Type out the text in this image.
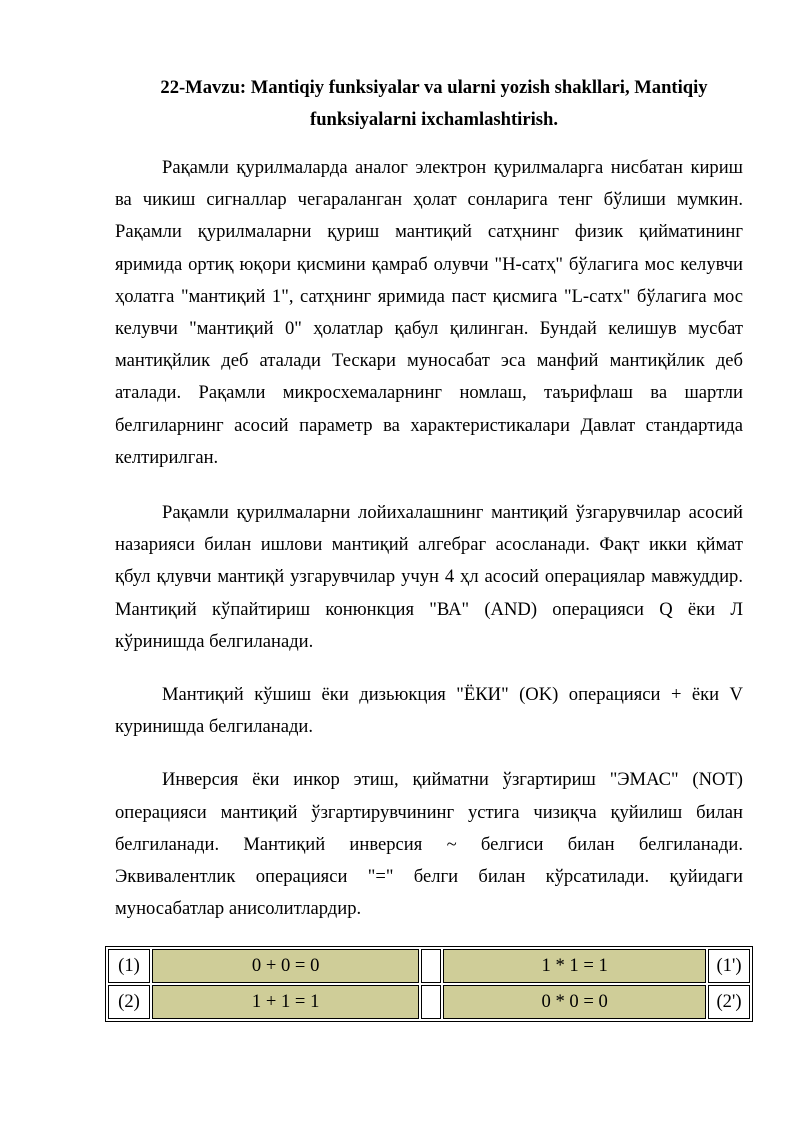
22-Mavzu: Mantiqiy funksiyalar va ularni yozish shakllari, Mantiqiy funksiyalarni ixchamlashtirish.

Рақамли қурилмаларда аналог электрон қурилмаларга нисбатан кириш ва чикиш сигналлар чегараланган ҳолат сонларига тенг бўлиши мумкин. Рақамли қурилмаларни қуриш мантиқий сатҳнинг физик қийматининг яримида ортиқ юқори қисмини қамраб олувчи "H-сатҳ" бўлагига мос келувчи ҳолатга "мантиқий 1", сатҳнинг яримида паст қисмига "L-сатх" бўлагига мос келувчи "мантиқий 0" ҳолатлар қабул қилинган. Бундай келишув мусбат мантиқйлик деб аталади Тескари муносабат эса манфий мантиқйлик деб аталади. Рақамли микросхемаларнинг номлаш, таърифлаш ва шартли белгиларнинг асосий параметр ва характеристикалари Давлат стандартида келтирилган.

Рақамли қурилмаларни лойихалашнинг мантиқий ўзгарувчилар асосий назарияси билан ишлови мантиқий алгебраг асосланади. Фақт икки қймат қбул қлувчи мантиқй узгарувчилар учун 4 ҳл асосий операциялар мавжуддир. Мантиқий кўпайтириш конюнкция "ВА" (AND) операцияси Q ёки Л кўринишда белгиланади.

Мантиқий кўшиш ёки дизьюкция "ЁКИ" (OK) операцияси + ёки V куринишда белгиланади.

Инверсия ёки инкор этиш, қийматни ўзгартириш "ЭМАС" (NOT) операцияси мантиқий ўзгартирувчининг устига чизиқча қуйилиш билан белгиланади. Мантиқий инверсия ~ белгиси билан белгиланади. Эквивалентлик операцияси "=" белги билан кўрсатилади. қуйидаги муносабатлар анисолитлардир.

(1)	0 + 0 = 0		1 * 1 = 1	(1')
(2)	1 + 1 = 1		0 * 0 = 0	(2')
